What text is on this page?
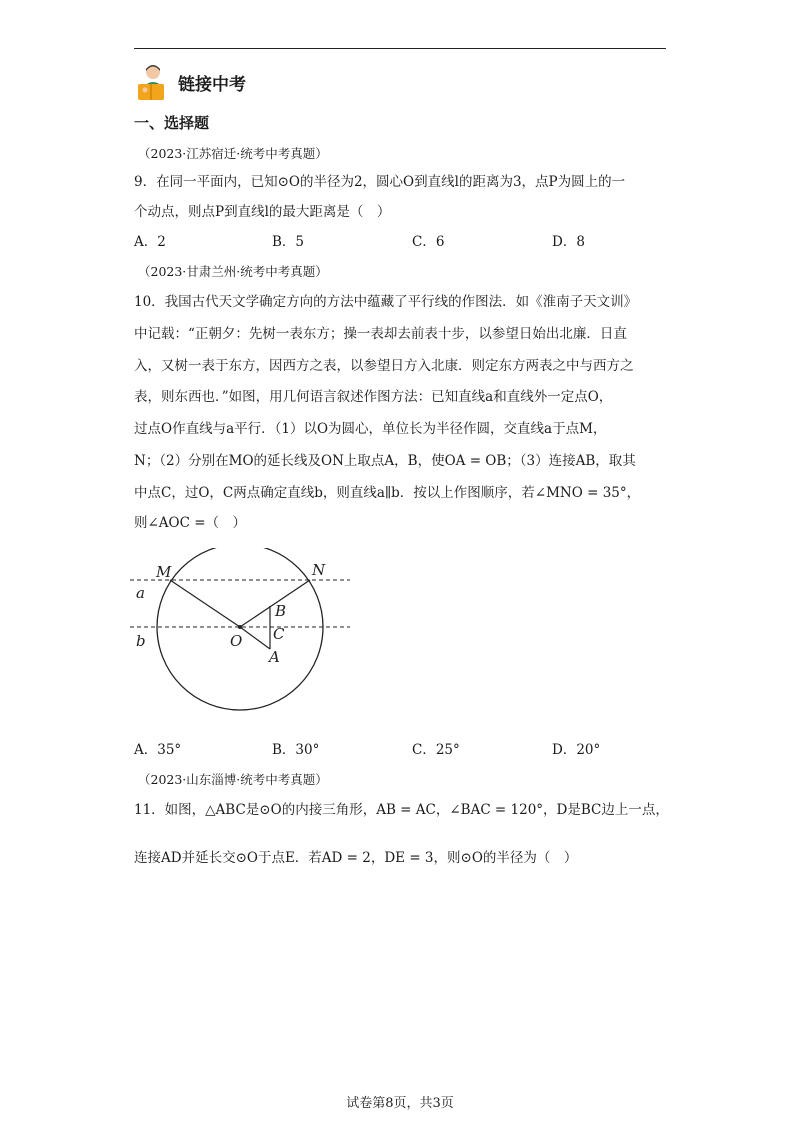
链接中考
一、选择题
（2023·江苏宿迁·统考中考真题）
9．在同一平面内，已知⊙O的半径为2，圆心O到直线l的距离为3，点P为圆上的一
个动点，则点P到直线l的最大距离是（　）
A．2	B．5	C．6	D．8
（2023·甘肃兰州·统考中考真题）
10．我国古代天文学确定方向的方法中蕴藏了平行线的作图法．如《淮南子天文训》
中记载：“正朝夕：先树一表东方；操一表却去前表十步，以参望日始出北廉．日直
入，又树一表于东方，因西方之表，以参望日方入北康．则定东方两表之中与西方之
表，则东西也．”如图，用几何语言叙述作图方法：已知直线a和直线外一定点O，
过点O作直线与a平行．（1）以O为圆心，单位长为半径作圆，交直线a于点M，
N；（2）分别在MO的延长线及ON上取点A，B，使OA = OB；（3）连接AB，取其
中点C，过O，C两点确定直线b，则直线a∥b．按以上作图顺序，若∠MNO = 35°，
则∠AOC =（　）
M	N
a
b	O
B
C
A
A．35°	B．30°	C．25°	D．20°
（2023·山东淄博·统考中考真题）
11．如图，△ABC是⊙O的内接三角形，AB = AC，∠BAC = 120°，D是BC边上一点，
连接AD并延长交⊙O于点E．若AD = 2，DE = 3，则⊙O的半径为（　）
试卷第8页，共3页
